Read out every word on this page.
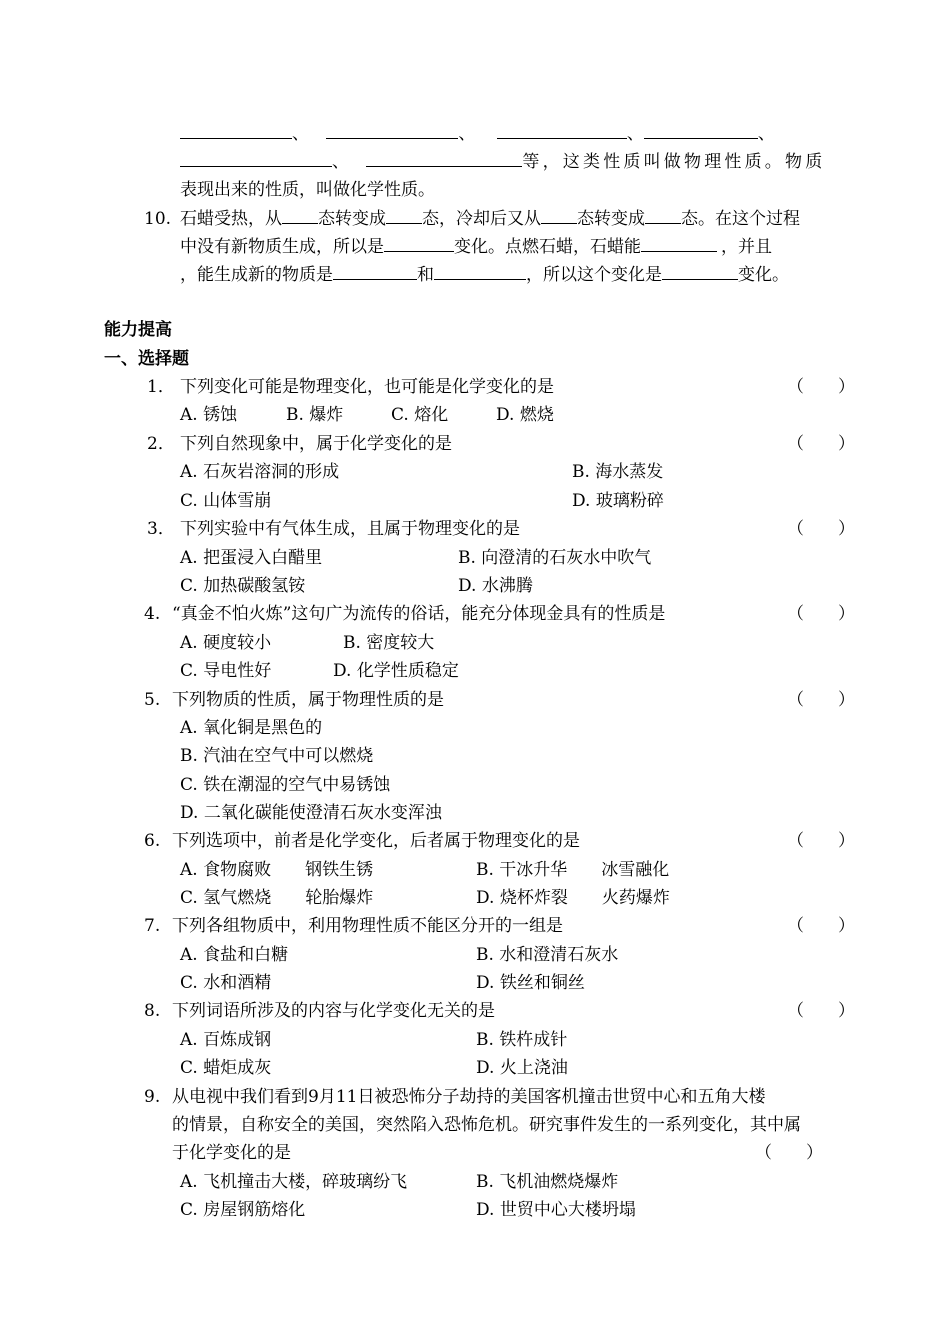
、	、	、	、
、	等，这类性质叫做物理性质。物质
表现出来的性质，叫做化学性质。
10. 石蜡受热，从 态转变成 态，冷却后又从 态转变成 态。在这个过程
中没有新物质生成，所以是	变化。点燃石蜡，石蜡能	，并且
，能生成新的物质是	和	，所以这个变化是	变化。
能力提高
一、选择题
1． 下列变化可能是物理变化，也可能是化学变化的是	（　　）
A. 锈蚀	B. 爆炸	C. 熔化	D. 燃烧
2． 下列自然现象中，属于化学变化的是	（　　）
A. 石灰岩溶洞的形成	B. 海水蒸发
C. 山体雪崩	D. 玻璃粉碎
3． 下列实验中有气体生成，且属于物理变化的是	（　　）
A. 把蛋浸入白醋里	B. 向澄清的石灰水中吹气
C. 加热碳酸氢铵	D. 水沸腾
4. “真金不怕火炼”这句广为流传的俗话，能充分体现金具有的性质是	（　　）
A. 硬度较小	B. 密度较大
C. 导电性好	D. 化学性质稳定
5. 下列物质的性质，属于物理性质的是	（　　）
A. 氧化铜是黑色的
B. 汽油在空气中可以燃烧
C. 铁在潮湿的空气中易锈蚀
D. 二氧化碳能使澄清石灰水变浑浊
6. 下列选项中，前者是化学变化，后者属于物理变化的是	（　　）
A. 食物腐败　　钢铁生锈	B. 干冰升华　　冰雪融化
C. 氢气燃烧　　轮胎爆炸	D. 烧杯炸裂　　火药爆炸
7. 下列各组物质中，利用物理性质不能区分开的一组是	（　　）
A. 食盐和白糖	B. 水和澄清石灰水
C. 水和酒精	D. 铁丝和铜丝
8. 下列词语所涉及的内容与化学变化无关的是	（　　）
A. 百炼成钢	B. 铁杵成针
C. 蜡炬成灰	D. 火上浇油
9. 从电视中我们看到9月11日被恐怖分子劫持的美国客机撞击世贸中心和五角大楼
的情景，自称安全的美国，突然陷入恐怖危机。研究事件发生的一系列变化，其中属
于化学变化的是	（　　）
A. 飞机撞击大楼，碎玻璃纷飞	B. 飞机油燃烧爆炸
C. 房屋钢筋熔化	D. 世贸中心大楼坍塌
